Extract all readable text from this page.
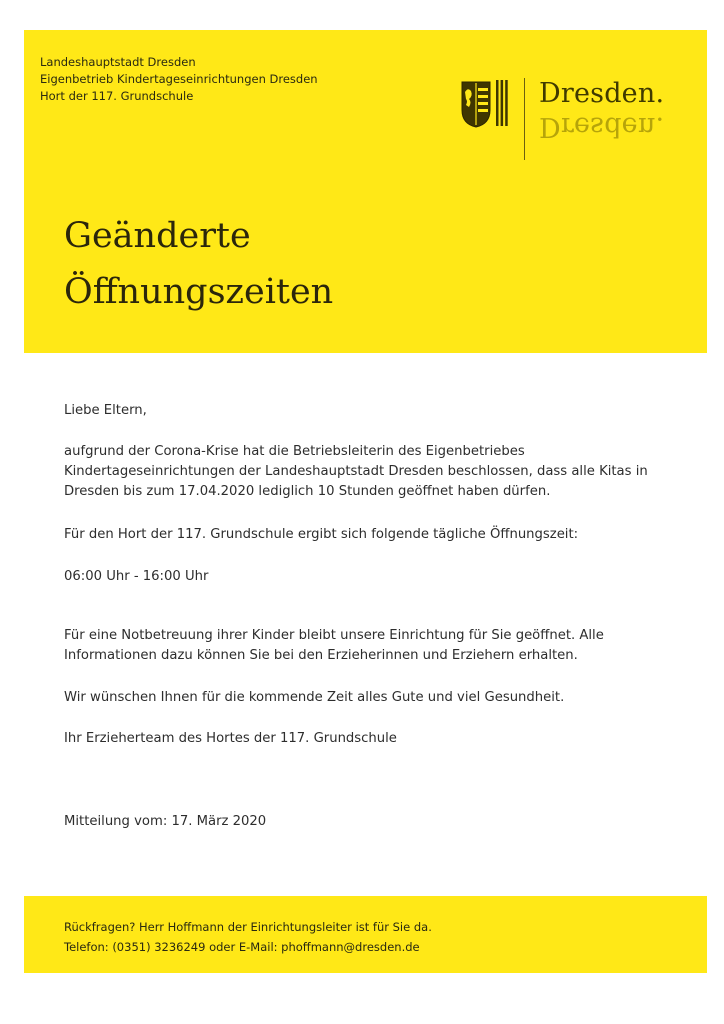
Landeshauptstadt Dresden
Eigenbetrieb Kindertageseinrichtungen Dresden
Hort der 117. Grundschule	Dresden.
Dresden.
Geänderte
Öffnungszeiten
Liebe Eltern,
aufgrund der Corona-Krise hat die Betriebsleiterin des Eigenbetriebes
Kindertageseinrichtungen der Landeshauptstadt Dresden beschlossen, dass alle Kitas in
Dresden bis zum 17.04.2020 lediglich 10 Stunden geöffnet haben dürfen.
Für den Hort der 117. Grundschule ergibt sich folgende tägliche Öffnungszeit:
06:00 Uhr - 16:00 Uhr
Für eine Notbetreuung ihrer Kinder bleibt unsere Einrichtung für Sie geöffnet. Alle
Informationen dazu können Sie bei den Erzieherinnen und Erziehern erhalten.
Wir wünschen Ihnen für die kommende Zeit alles Gute und viel Gesundheit.
Ihr Erzieherteam des Hortes der 117. Grundschule
Mitteilung vom: 17. März 2020
Rückfragen? Herr Hoffmann der Einrichtungsleiter ist für Sie da.
Telefon: (0351) 3236249 oder E-Mail: phoffmann@dresden.de
